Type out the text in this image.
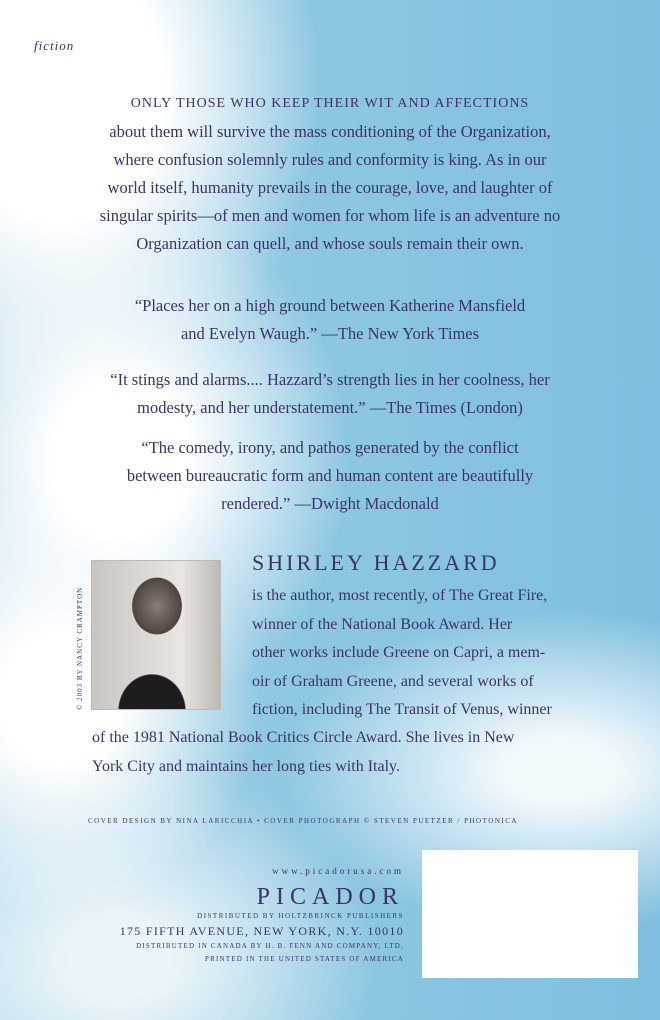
fiction
ONLY THOSE WHO KEEP THEIR WIT AND AFFECTIONS
about them will survive the mass conditioning of the Organization,
where confusion solemnly rules and conformity is king. As in our
world itself, humanity prevails in the courage, love, and laughter of
singular spirits—of men and women for whom life is an adventure no
Organization can quell, and whose souls remain their own.
“Places her on a high ground between Katherine Mansfield
and Evelyn Waugh.” —The New York Times
“It stings and alarms.... Hazzard’s strength lies in her coolness, her
modesty, and her understatement.” —The Times (London)
“The comedy, irony, and pathos generated by the conflict
between bureaucratic form and human content are beautifully
rendered.” —Dwight Macdonald
© 2003 BY NANCY CRAMPTON
SHIRLEY HAZZARD
is the author, most recently, of The Great Fire,
winner of the National Book Award. Her
other works include Greene on Capri, a mem-
oir of Graham Greene, and several works of
fiction, including The Transit of Venus, winner
of the 1981 National Book Critics Circle Award. She lives in New
York City and maintains her long ties with Italy.
COVER DESIGN BY NINA LARICCHIA • COVER PHOTOGRAPH © STEVEN PUETZER / PHOTONICA
www.picadorusa.com
PICADOR
DISTRIBUTED BY HOLTZBRINCK PUBLISHERS
175 FIFTH AVENUE, NEW YORK, N.Y. 10010
DISTRIBUTED IN CANADA BY H. B. FENN AND COMPANY, LTD.
PRINTED IN THE UNITED STATES OF AMERICA
